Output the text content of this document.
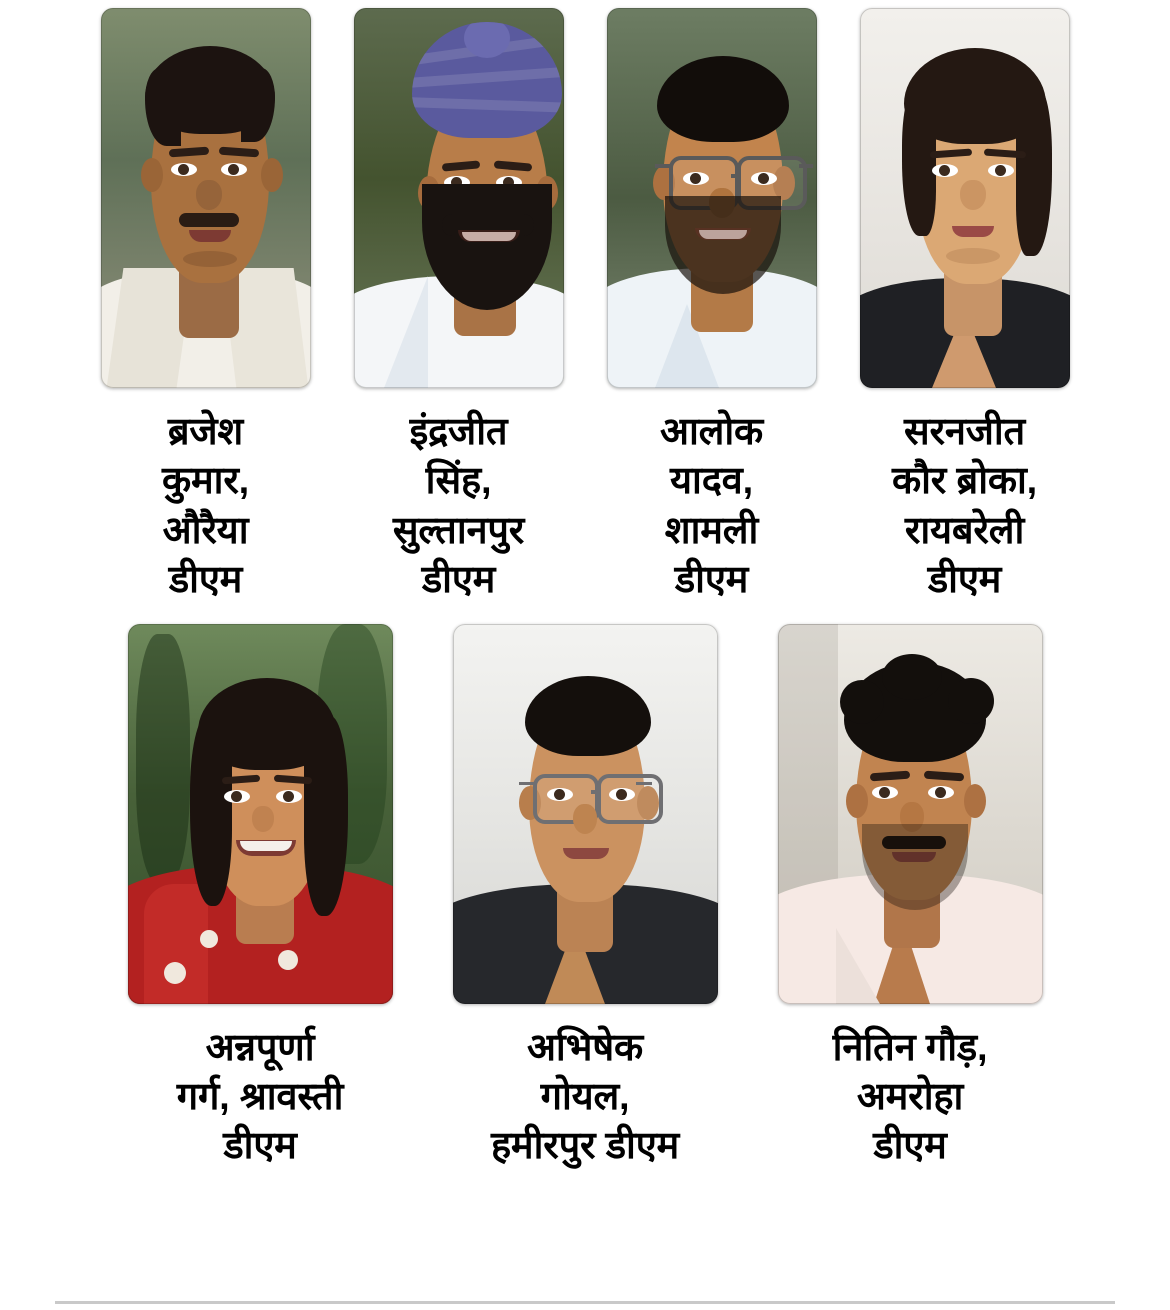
ब्रजेश
कुमार,
औरैया
डीएम
इंद्रजीत
सिंह,
सुल्तानपुर
डीएम
आलोक
यादव,
शामली
डीएम
सरनजीत
कौर ब्रोका,
रायबरेली
डीएम
अन्नपूर्णा
गर्ग, श्रावस्ती
डीएम
अभिषेक
गोयल,
हमीरपुर डीएम
नितिन गौड़,
अमरोहा
डीएम
